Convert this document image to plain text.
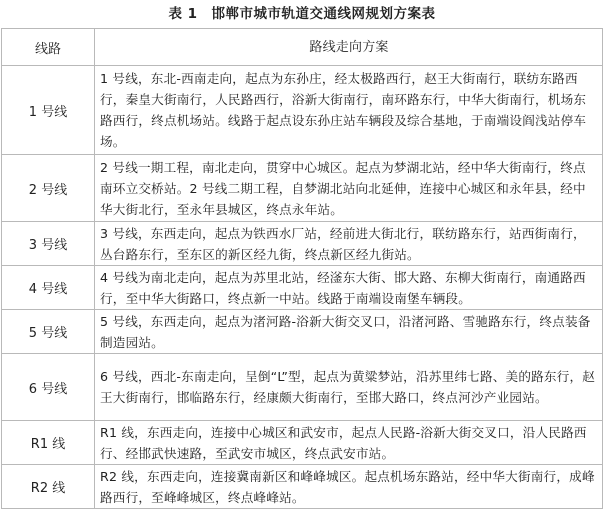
表 1　邯郸市城市轨道交通线网规划方案表
线路	路线走向方案
1 号线	1 号线，东北-西南走向，起点为东孙庄，经太极路西行，赵王大街南行，联纺东路西行，秦皇大街南行，人民路西行，浴新大街南行，南环路东行，中华大街南行，机场东路西行，终点机场站。线路于起点设东孙庄站车辆段及综合基地，于南端设阎浅站停车场。
2 号线	2 号线一期工程，南北走向，贯穿中心城区。起点为梦湖北站，经中华大街南行，终点南环立交桥站。2 号线二期工程，自梦湖北站向北延伸，连接中心城区和永年县，经中华大街北行，至永年县城区，终点永年站。
3 号线	3 号线，东西走向，起点为铁西水厂站，经前进大街北行，联纺路东行，站西街南行，丛台路东行，至东区的新区经九街，终点新区经九街站。
4 号线	4 号线为南北走向，起点为苏里北站，经滏东大街、邯大路、东柳大街南行，南通路西行，至中华大街路口，终点新一中站。线路于南端设南堡车辆段。
5 号线	5 号线，东西走向，起点为渚河路-浴新大街交叉口，沿渚河路、雪驰路东行，终点装备制造园站。
6 号线	6 号线，西北-东南走向，呈倒“L”型，起点为黄粱梦站，沿苏里纬七路、美的路东行，赵王大街南行，邯临路东行，经康颇大街南行，至邯大路口，终点河沙产业园站。
R1 线	R1 线，东西走向，连接中心城区和武安市，起点人民路-浴新大街交叉口，沿人民路西行、经邯武快速路，至武安市城区，终点武安市站。
R2 线	R2 线，东西走向，连接冀南新区和峰峰城区。起点机场东路站，经中华大街南行，成峰路西行，至峰峰城区，终点峰峰站。
